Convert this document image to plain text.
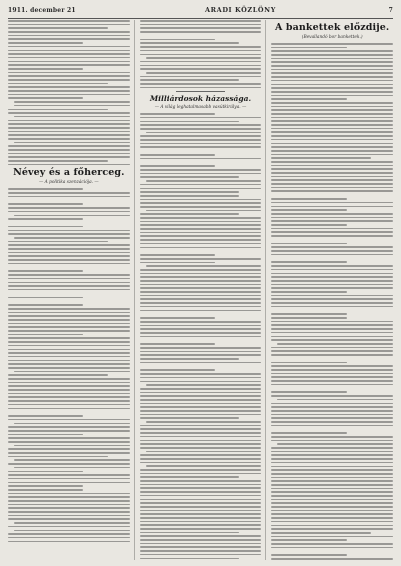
1911. december 21	ARADI KÖZLÖNY	7
Névey és a főherceg.
— A politika szenzációja. —
Milliárdosok házassága.
— A világ leghatalmasabb vasútkirálya. —
A bankettek előzdije.
(Bevallandó bor bankettek.)
